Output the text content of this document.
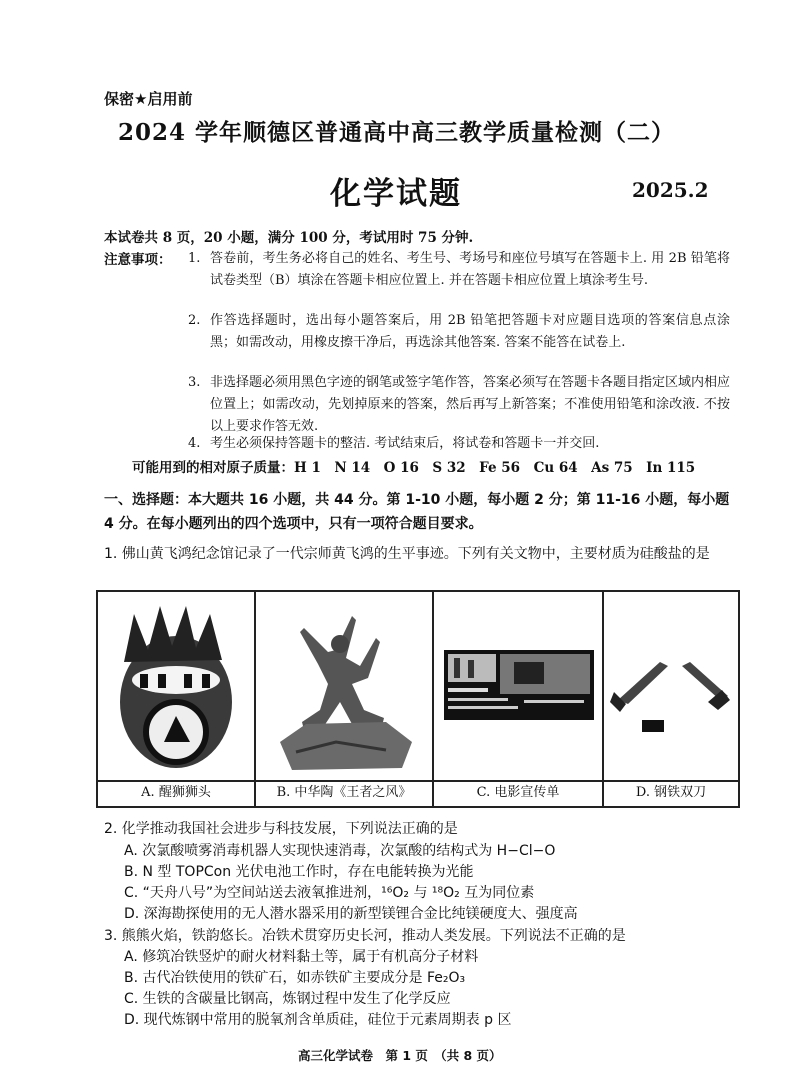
保密★启用前
2024 学年顺德区普通高中高三教学质量检测（二）
化学试题	2025.2
本试卷共 8 页，20 小题，满分 100 分，考试用时 75 分钟.
注意事项： 1. 答卷前，考生务必将自己的姓名、考生号、考场号和座位号填写在答题卡上. 用 2B 铅笔将试卷类型（B）填涂在答题卡相应位置上. 并在答题卡相应位置上填涂考生号.
2. 作答选择题时，选出每小题答案后，用 2B 铅笔把答题卡对应题目选项的答案信息点涂黑；如需改动，用橡皮擦干净后，再选涂其他答案. 答案不能答在试卷上.
3. 非选择题必须用黑色字迹的钢笔或签字笔作答，答案必须写在答题卡各题目指定区域内相应位置上；如需改动，先划掉原来的答案，然后再写上新答案；不准使用铅笔和涂改液. 不按以上要求作答无效.
4. 考生必须保持答题卡的整洁. 考试结束后，将试卷和答题卡一并交回.
可能用到的相对原子质量：H 1　N 14　O 16　S 32　Fe 56　Cu 64　As 75　In 115
一、选择题：本大题共 16 小题，共 44 分。第 1-10 小题，每小题 2 分；第 11-16 小题，每小题 4 分。在每小题列出的四个选项中，只有一项符合题目要求。
1. 佛山黄飞鸿纪念馆记录了一代宗师黄飞鸿的生平事迹。下列有关文物中，主要材质为硅酸盐的是
A. 醒狮狮头	B. 中华陶《王者之风》	C. 电影宣传单	D. 钢铁双刀
2. 化学推动我国社会进步与科技发展，下列说法正确的是
A. 次氯酸喷雾消毒机器人实现快速消毒，次氯酸的结构式为 H−Cl−O
B. N 型 TOPCon 光伏电池工作时，存在电能转换为光能
C. “天舟八号”为空间站送去液氧推进剂，¹⁶O₂ 与 ¹⁸O₂ 互为同位素
D. 深海勘探使用的无人潜水器采用的新型镁锂合金比纯镁硬度大、强度高
3. 熊熊火焰，铁韵悠长。冶铁术贯穿历史长河，推动人类发展。下列说法不正确的是
A. 修筑冶铁竖炉的耐火材料黏土等，属于有机高分子材料
B. 古代冶铁使用的铁矿石，如赤铁矿主要成分是 Fe₂O₃
C. 生铁的含碳量比钢高，炼钢过程中发生了化学反应
D. 现代炼钢中常用的脱氧剂含单质硅，硅位于元素周期表 p 区
高三化学试卷　第 1 页　（共 8 页）
